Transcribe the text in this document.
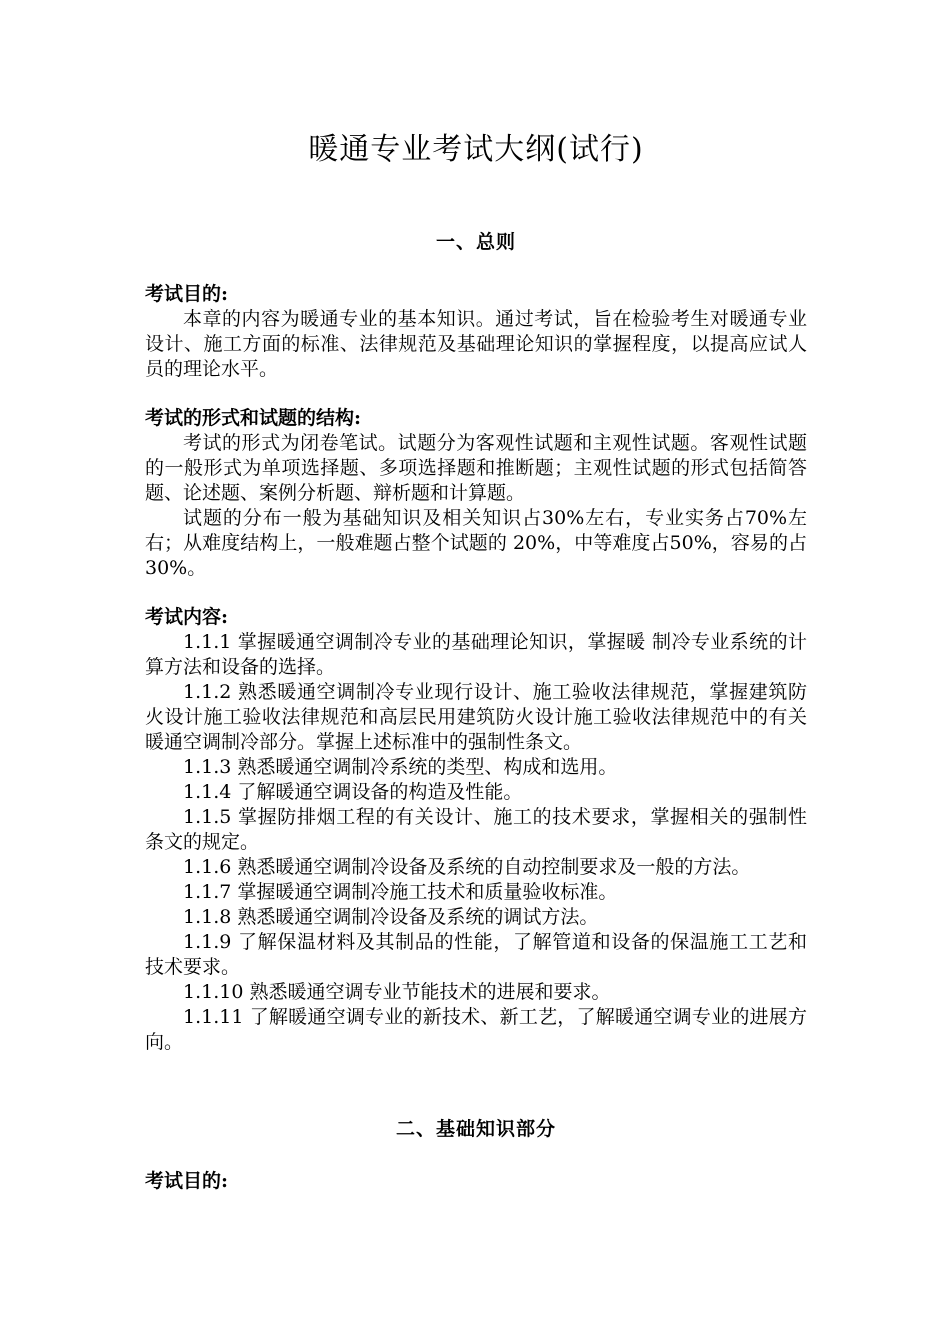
暖通专业考试大纲(试行)
一、总则

考试目的:

本章的内容为暖通专业的基本知识。通过考试，旨在检验考生对暖通专业设计、施工方面的标准、法律规范及基础理论知识的掌握程度，以提高应试人员的理论水平。

考试的形式和试题的结构:

考试的形式为闭卷笔试。试题分为客观性试题和主观性试题。客观性试题的一般形式为单项选择题、多项选择题和推断题；主观性试题的形式包括简答题、论述题、案例分析题、辩析题和计算题。

试题的分布一般为基础知识及相关知识占30%左右，专业实务占70%左右；从难度结构上，一般难题占整个试题的 20%，中等难度占50%，容易的占30%。

考试内容:

1.1.1 掌握暖通空调制冷专业的基础理论知识，掌握暖 制冷专业系统的计算方法和设备的选择。

1.1.2 熟悉暖通空调制冷专业现行设计、施工验收法律规范，掌握建筑防火设计施工验收法律规范和高层民用建筑防火设计施工验收法律规范中的有关暖通空调制冷部分。掌握上述标准中的强制性条文。

1.1.3 熟悉暖通空调制冷系统的类型、构成和选用。

1.1.4 了解暖通空调设备的构造及性能。

1.1.5 掌握防排烟工程的有关设计、施工的技术要求，掌握相关的强制性条文的规定。

1.1.6 熟悉暖通空调制冷设备及系统的自动控制要求及一般的方法。

1.1.7 掌握暖通空调制冷施工技术和质量验收标准。

1.1.8 熟悉暖通空调制冷设备及系统的调试方法。

1.1.9 了解保温材料及其制品的性能，了解管道和设备的保温施工工艺和技术要求。

1.1.10 熟悉暖通空调专业节能技术的进展和要求。

1.1.11 了解暖通空调专业的新技术、新工艺，了解暖通空调专业的进展方向。

二、基础知识部分

考试目的:
